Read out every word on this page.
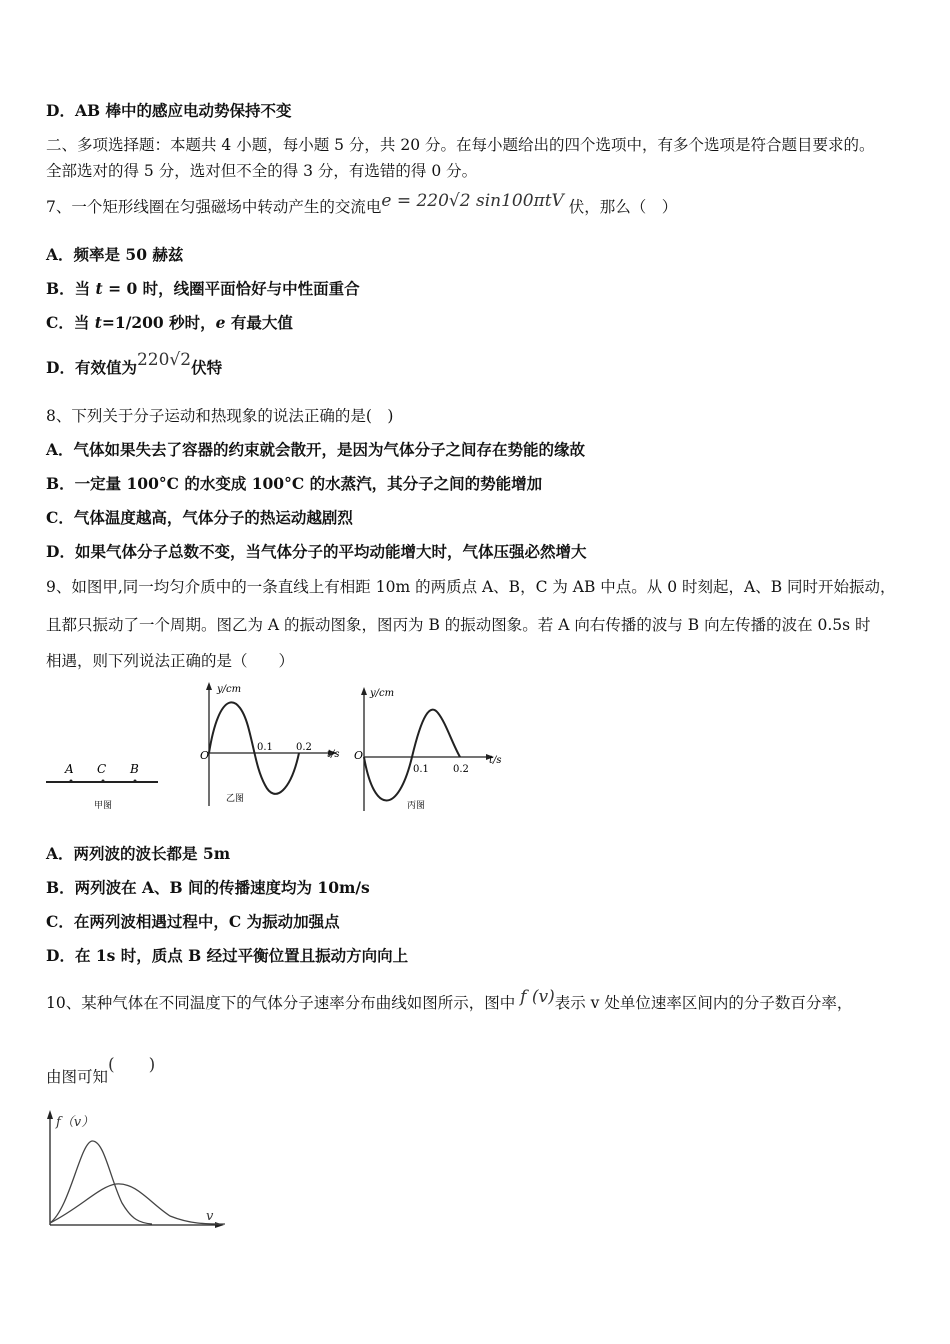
D．AB 棒中的感应电动势保持不变
二、多项选择题：本题共 4 小题，每小题 5 分，共 20 分。在每小题给出的四个选项中，有多个选项是符合题目要求的。
全部选对的得 5 分，选对但不全的得 3 分，有选错的得 0 分。
7、一个矩形线圈在匀强磁场中转动产生的交流电e = 220√2 sin100πtV 伏，那么（　）
A．频率是 50 赫兹
B．当 t = 0 时，线圈平面恰好与中性面重合
C．当 t=1/200 秒时，e 有最大值
D．有效值为220√2伏特
8、下列关于分子运动和热现象的说法正确的是(　)
A．气体如果失去了容器的约束就会散开，是因为气体分子之间存在势能的缘故
B．一定量 100°C 的水变成 100°C 的水蒸汽，其分子之间的势能增加
C．气体温度越高，气体分子的热运动越剧烈
D．如果气体分子总数不变，当气体分子的平均动能增大时，气体压强必然增大
9、如图甲,同一均匀介质中的一条直线上有相距 10m 的两质点 A、B，C 为 AB 中点。从 0 时刻起，A、B 同时开始振动，
且都只振动了一个周期。图乙为 A 的振动图象，图丙为 B 的振动图象。若 A 向右传播的波与 B 向左传播的波在 0.5s 时
相遇，则下列说法正确的是（　　）
A C B
甲图
y/cm
t/s
O
0.1 0.2
乙图
y/cm
t/s
O
0.1 0.2
丙图
A．两列波的波长都是 5m
B．两列波在 A、B 间的传播速度均为 10m/s
C．在两列波相遇过程中，C 为振动加强点
D．在 1s 时，质点 B 经过平衡位置且振动方向向上
10、某种气体在不同温度下的气体分子速率分布曲线如图所示，图中 f (v)表示 v 处单位速率区间内的分子数百分率，
由图可知(　　)
f（v）
v
